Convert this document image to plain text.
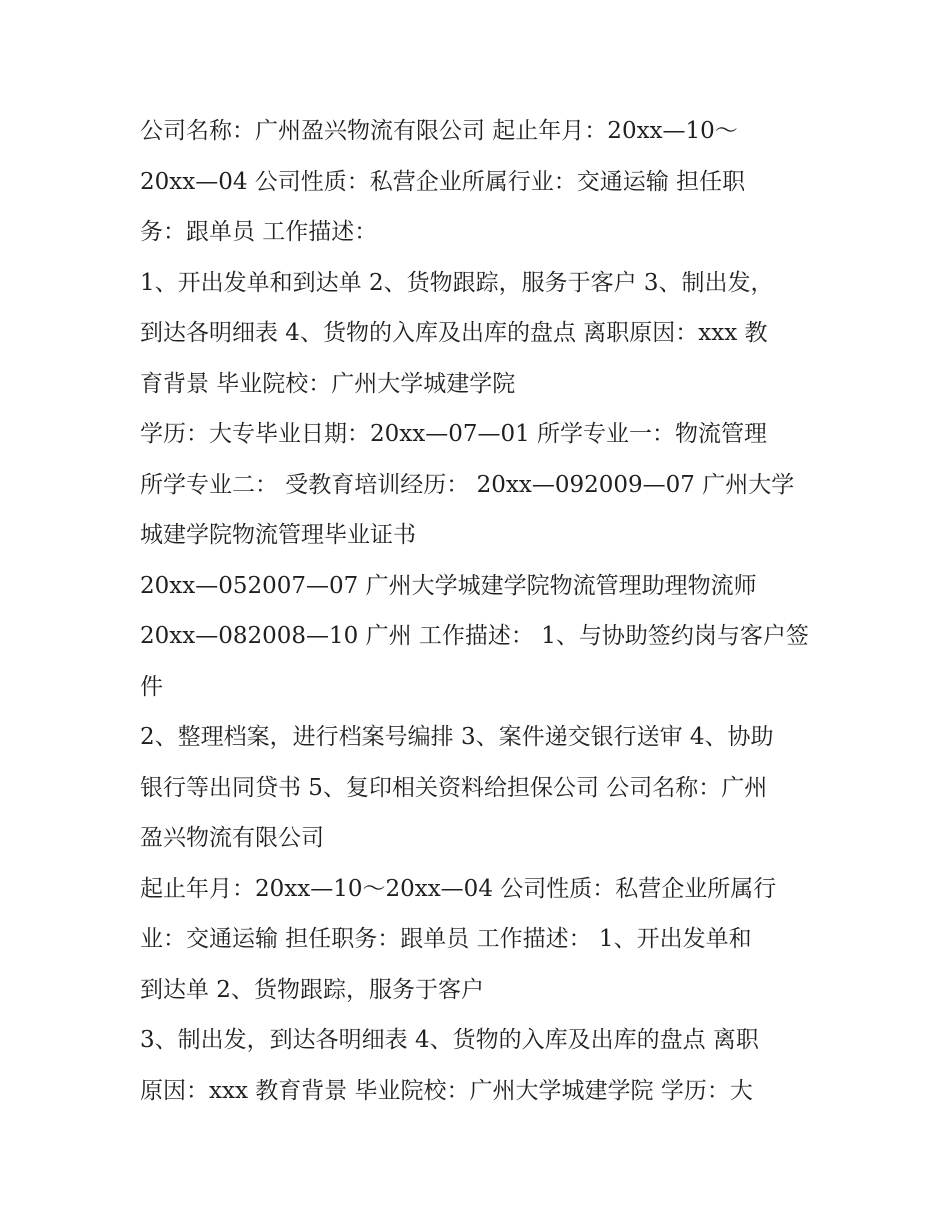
公司名称：广州盈兴物流有限公司 起止年月：20xx—10～
20xx—04 公司性质：私营企业所属行业：交通运输 担任职
务：跟单员 工作描述：
1、开出发单和到达单 2、货物跟踪，服务于客户 3、制出发，
到达各明细表 4、货物的入库及出库的盘点 离职原因：xxx 教
育背景 毕业院校：广州大学城建学院
学历：大专毕业日期：20xx—07—01 所学专业一：物流管理
所学专业二： 受教育培训经历： 20xx—092009—07 广州大学
城建学院物流管理毕业证书
20xx—052007—07 广州大学城建学院物流管理助理物流师
20xx—082008—10 广州 工作描述： 1、与协助签约岗与客户签
件
2、整理档案，进行档案号编排 3、案件递交银行送审 4、协助
银行等出同贷书 5、复印相关资料给担保公司 公司名称：广州
盈兴物流有限公司
起止年月：20xx—10～20xx—04 公司性质：私营企业所属行
业：交通运输 担任职务：跟单员 工作描述： 1、开出发单和
到达单 2、货物跟踪，服务于客户
3、制出发，到达各明细表 4、货物的入库及出库的盘点 离职
原因：xxx 教育背景 毕业院校：广州大学城建学院 学历：大
